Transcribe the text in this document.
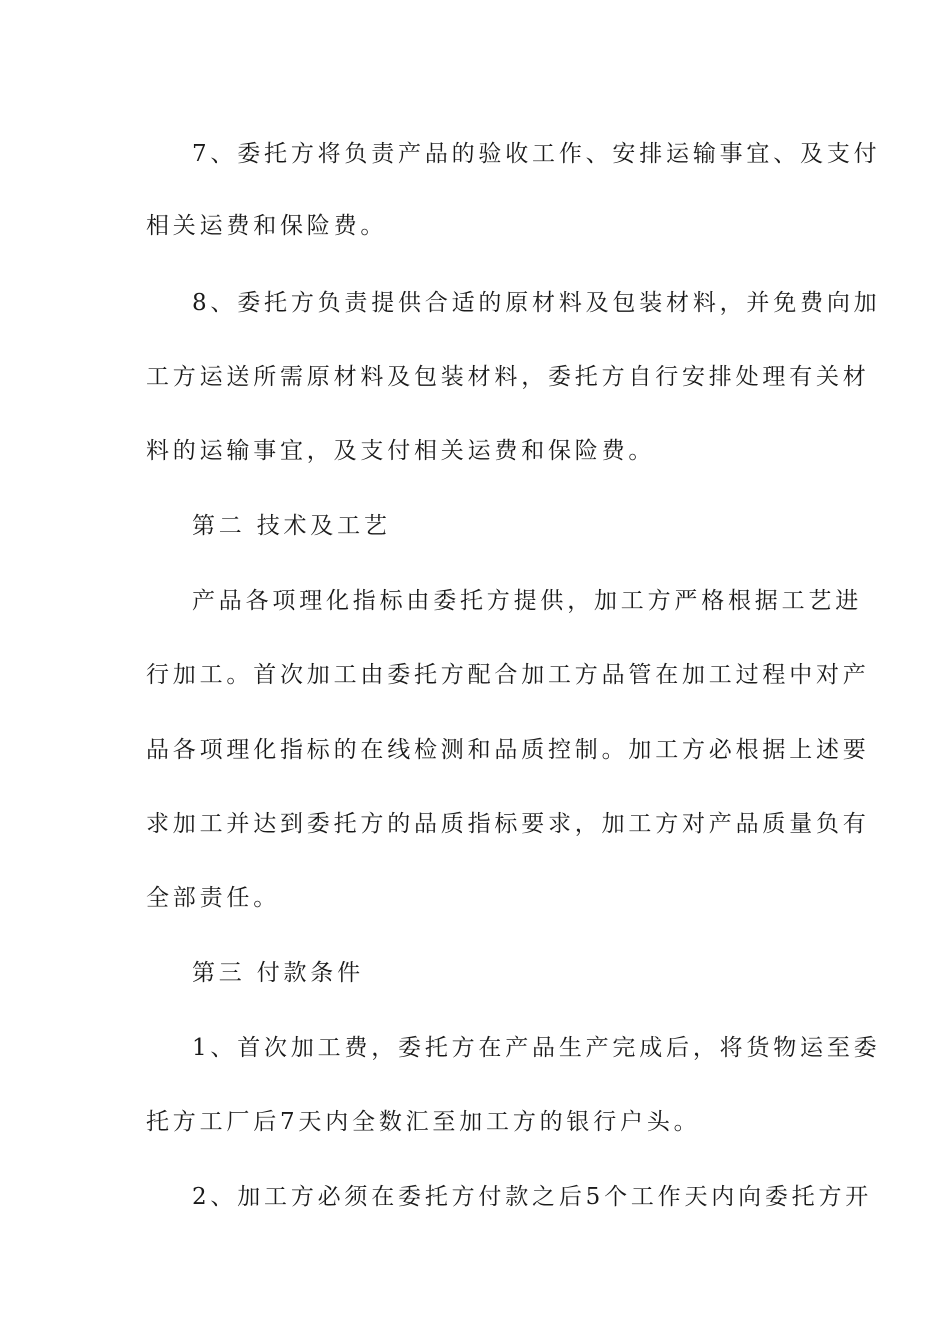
7、委托方将负责产品的验收工作、安排运输事宜、及支付
相关运费和保险费。
8、委托方负责提供合适的原材料及包装材料，并免费向加
工方运送所需原材料及包装材料，委托方自行安排处理有关材
料的运输事宜，及支付相关运费和保险费。
第二 技术及工艺
产品各项理化指标由委托方提供，加工方严格根据工艺进
行加工。首次加工由委托方配合加工方品管在加工过程中对产
品各项理化指标的在线检测和品质控制。加工方必根据上述要
求加工并达到委托方的品质指标要求，加工方对产品质量负有
全部责任。
第三 付款条件
1、首次加工费，委托方在产品生产完成后，将货物运至委
托方工厂后7天内全数汇至加工方的银行户头。
2、加工方必须在委托方付款之后5个工作天内向委托方开
